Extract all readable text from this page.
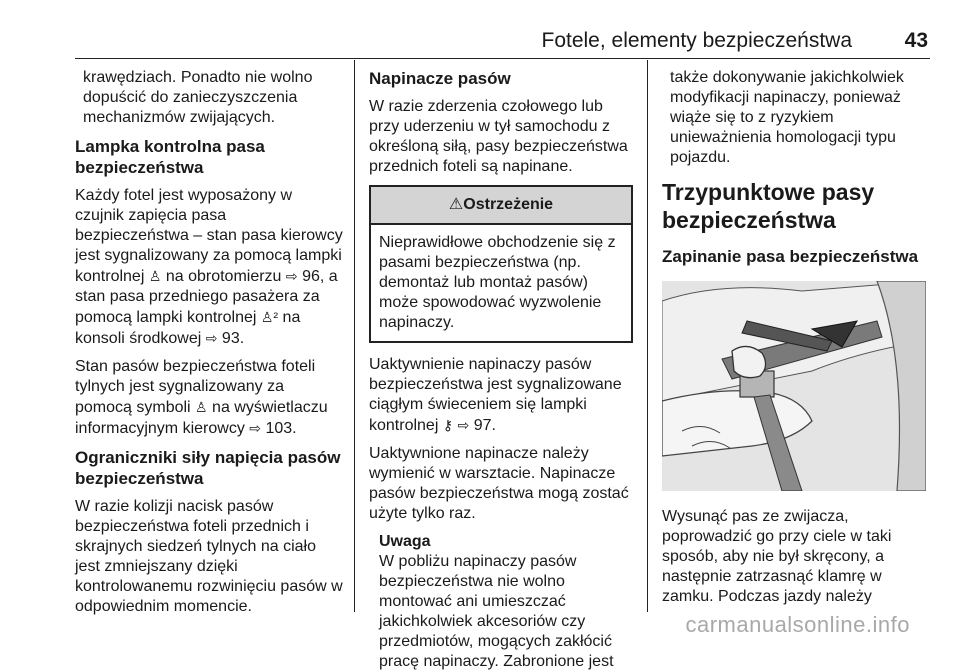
Fotele, elementy bezpieczeństwa	43

krawędziach. Ponadto nie wolno dopuścić do zanieczyszczenia mechanizmów zwijających.

Lampka kontrolna pasa bezpieczeństwa

Każdy fotel jest wyposażony w czujnik zapięcia pasa bezpieczeństwa – stan pasa kierowcy jest sygnalizowany za pomocą lampki kontrolnej ♙ na obrotomierzu ⇨ 96, a stan pasa przedniego pasażera za pomocą lampki kontrolnej ♙² na konsoli środkowej ⇨ 93.

Stan pasów bezpieczeństwa foteli tylnych jest sygnalizowany za pomocą symboli ♙ na wyświetlaczu informacyjnym kierowcy ⇨ 103.

Ograniczniki siły napięcia pasów bezpieczeństwa

W razie kolizji nacisk pasów bezpieczeństwa foteli przednich i skrajnych siedzeń tylnych na ciało jest zmniejszany dzięki kontrolowanemu rozwinięciu pasów w odpowiednim momencie.

Napinacze pasów

W razie zderzenia czołowego lub przy uderzeniu w tył samochodu z określoną siłą, pasy bezpieczeństwa przednich foteli są napinane.

⚠Ostrzeżenie
Nieprawidłowe obchodzenie się z pasami bezpieczeństwa (np. demontaż lub montaż pasów) może spowodować wyzwolenie napinaczy.

Uaktywnienie napinaczy pasów bezpieczeństwa jest sygnalizowane ciągłym świeceniem się lampki kontrolnej ⚷ ⇨ 97.

Uaktywnione napinacze należy wymienić w warsztacie. Napinacze pasów bezpieczeństwa mogą zostać użyte tylko raz.

Uwaga
W pobliżu napinaczy pasów bezpieczeństwa nie wolno montować ani umieszczać jakichkolwiek akcesoriów czy przedmiotów, mogących zakłócić pracę napinaczy. Zabronione jest

także dokonywanie jakichkolwiek modyfikacji napinaczy, ponieważ wiąże się to z ryzykiem unieważnienia homologacji typu pojazdu.

Trzypunktowe pasy bezpieczeństwa
Zapinanie pasa bezpieczeństwa

Wysunąć pas ze zwijacza, poprowadzić go przy ciele w taki sposób, aby nie był skręcony, a następnie zatrzasnąć klamrę w zamku. Podczas jazdy należy

carmanualsonline.info
